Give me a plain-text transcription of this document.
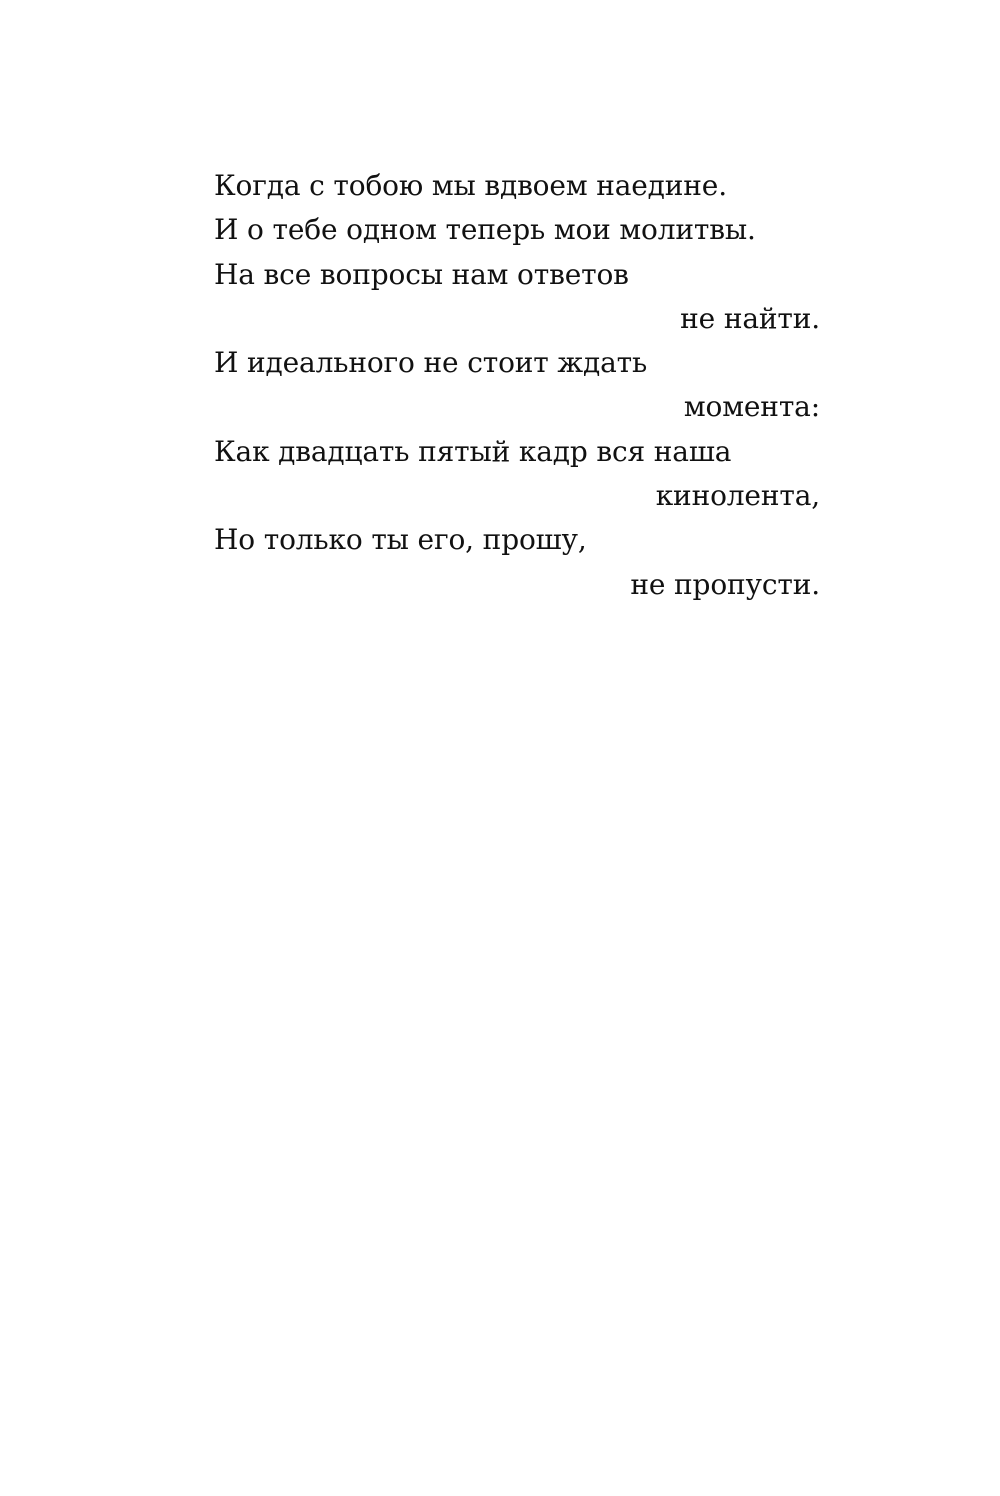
Когда с тобою мы вдвоем наедине.
И о тебе одном теперь мои молитвы.
На все вопросы нам ответов
не найти.
И идеального не стоит ждать
момента:
Как двадцать пятый кадр вся наша
кинолента,
Но только ты его, прошу,
не пропусти.
